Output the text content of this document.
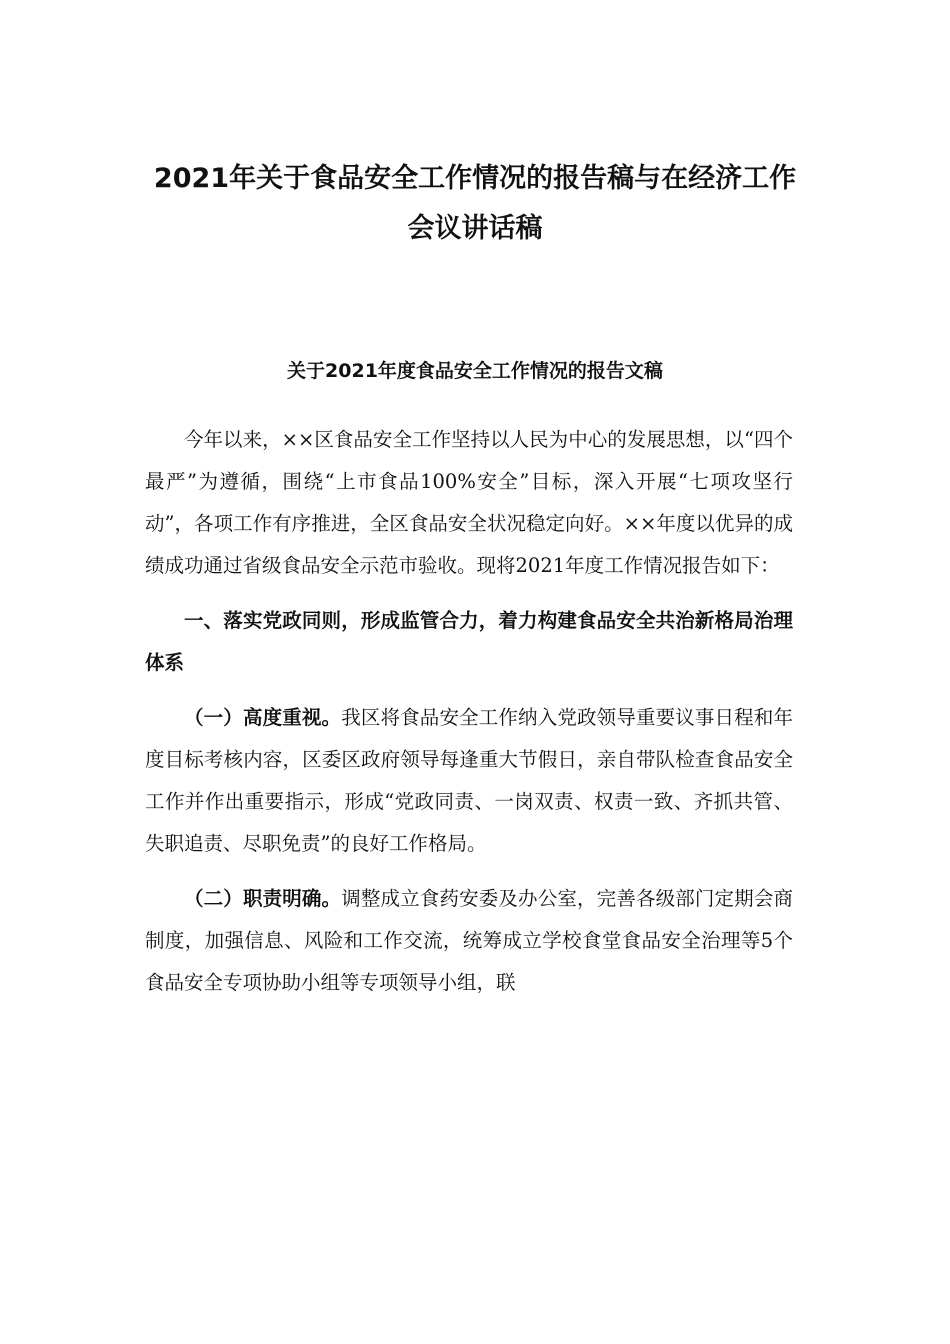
2021年关于食品安全工作情况的报告稿与在经济工作会议讲话稿
关于2021年度食品安全工作情况的报告文稿

今年以来，××区食品安全工作坚持以人民为中心的发展思想，以“四个最严”为遵循，围绕“上市食品100%安全”目标，深入开展“七项攻坚行动”，各项工作有序推进，全区食品安全状况稳定向好。××年度以优异的成绩成功通过省级食品安全示范市验收。现将2021年度工作情况报告如下：

一、落实党政同则，形成监管合力，着力构建食品安全共治新格局治理体系

（一）高度重视。我区将食品安全工作纳入党政领导重要议事日程和年度目标考核内容，区委区政府领导每逢重大节假日，亲自带队检查食品安全工作并作出重要指示，形成“党政同责、一岗双责、权责一致、齐抓共管、失职追责、尽职免责”的良好工作格局。

（二）职责明确。调整成立食药安委及办公室，完善各级部门定期会商制度，加强信息、风险和工作交流，统筹成立学校食堂食品安全治理等5个食品安全专项协助小组等专项领导小组，联
